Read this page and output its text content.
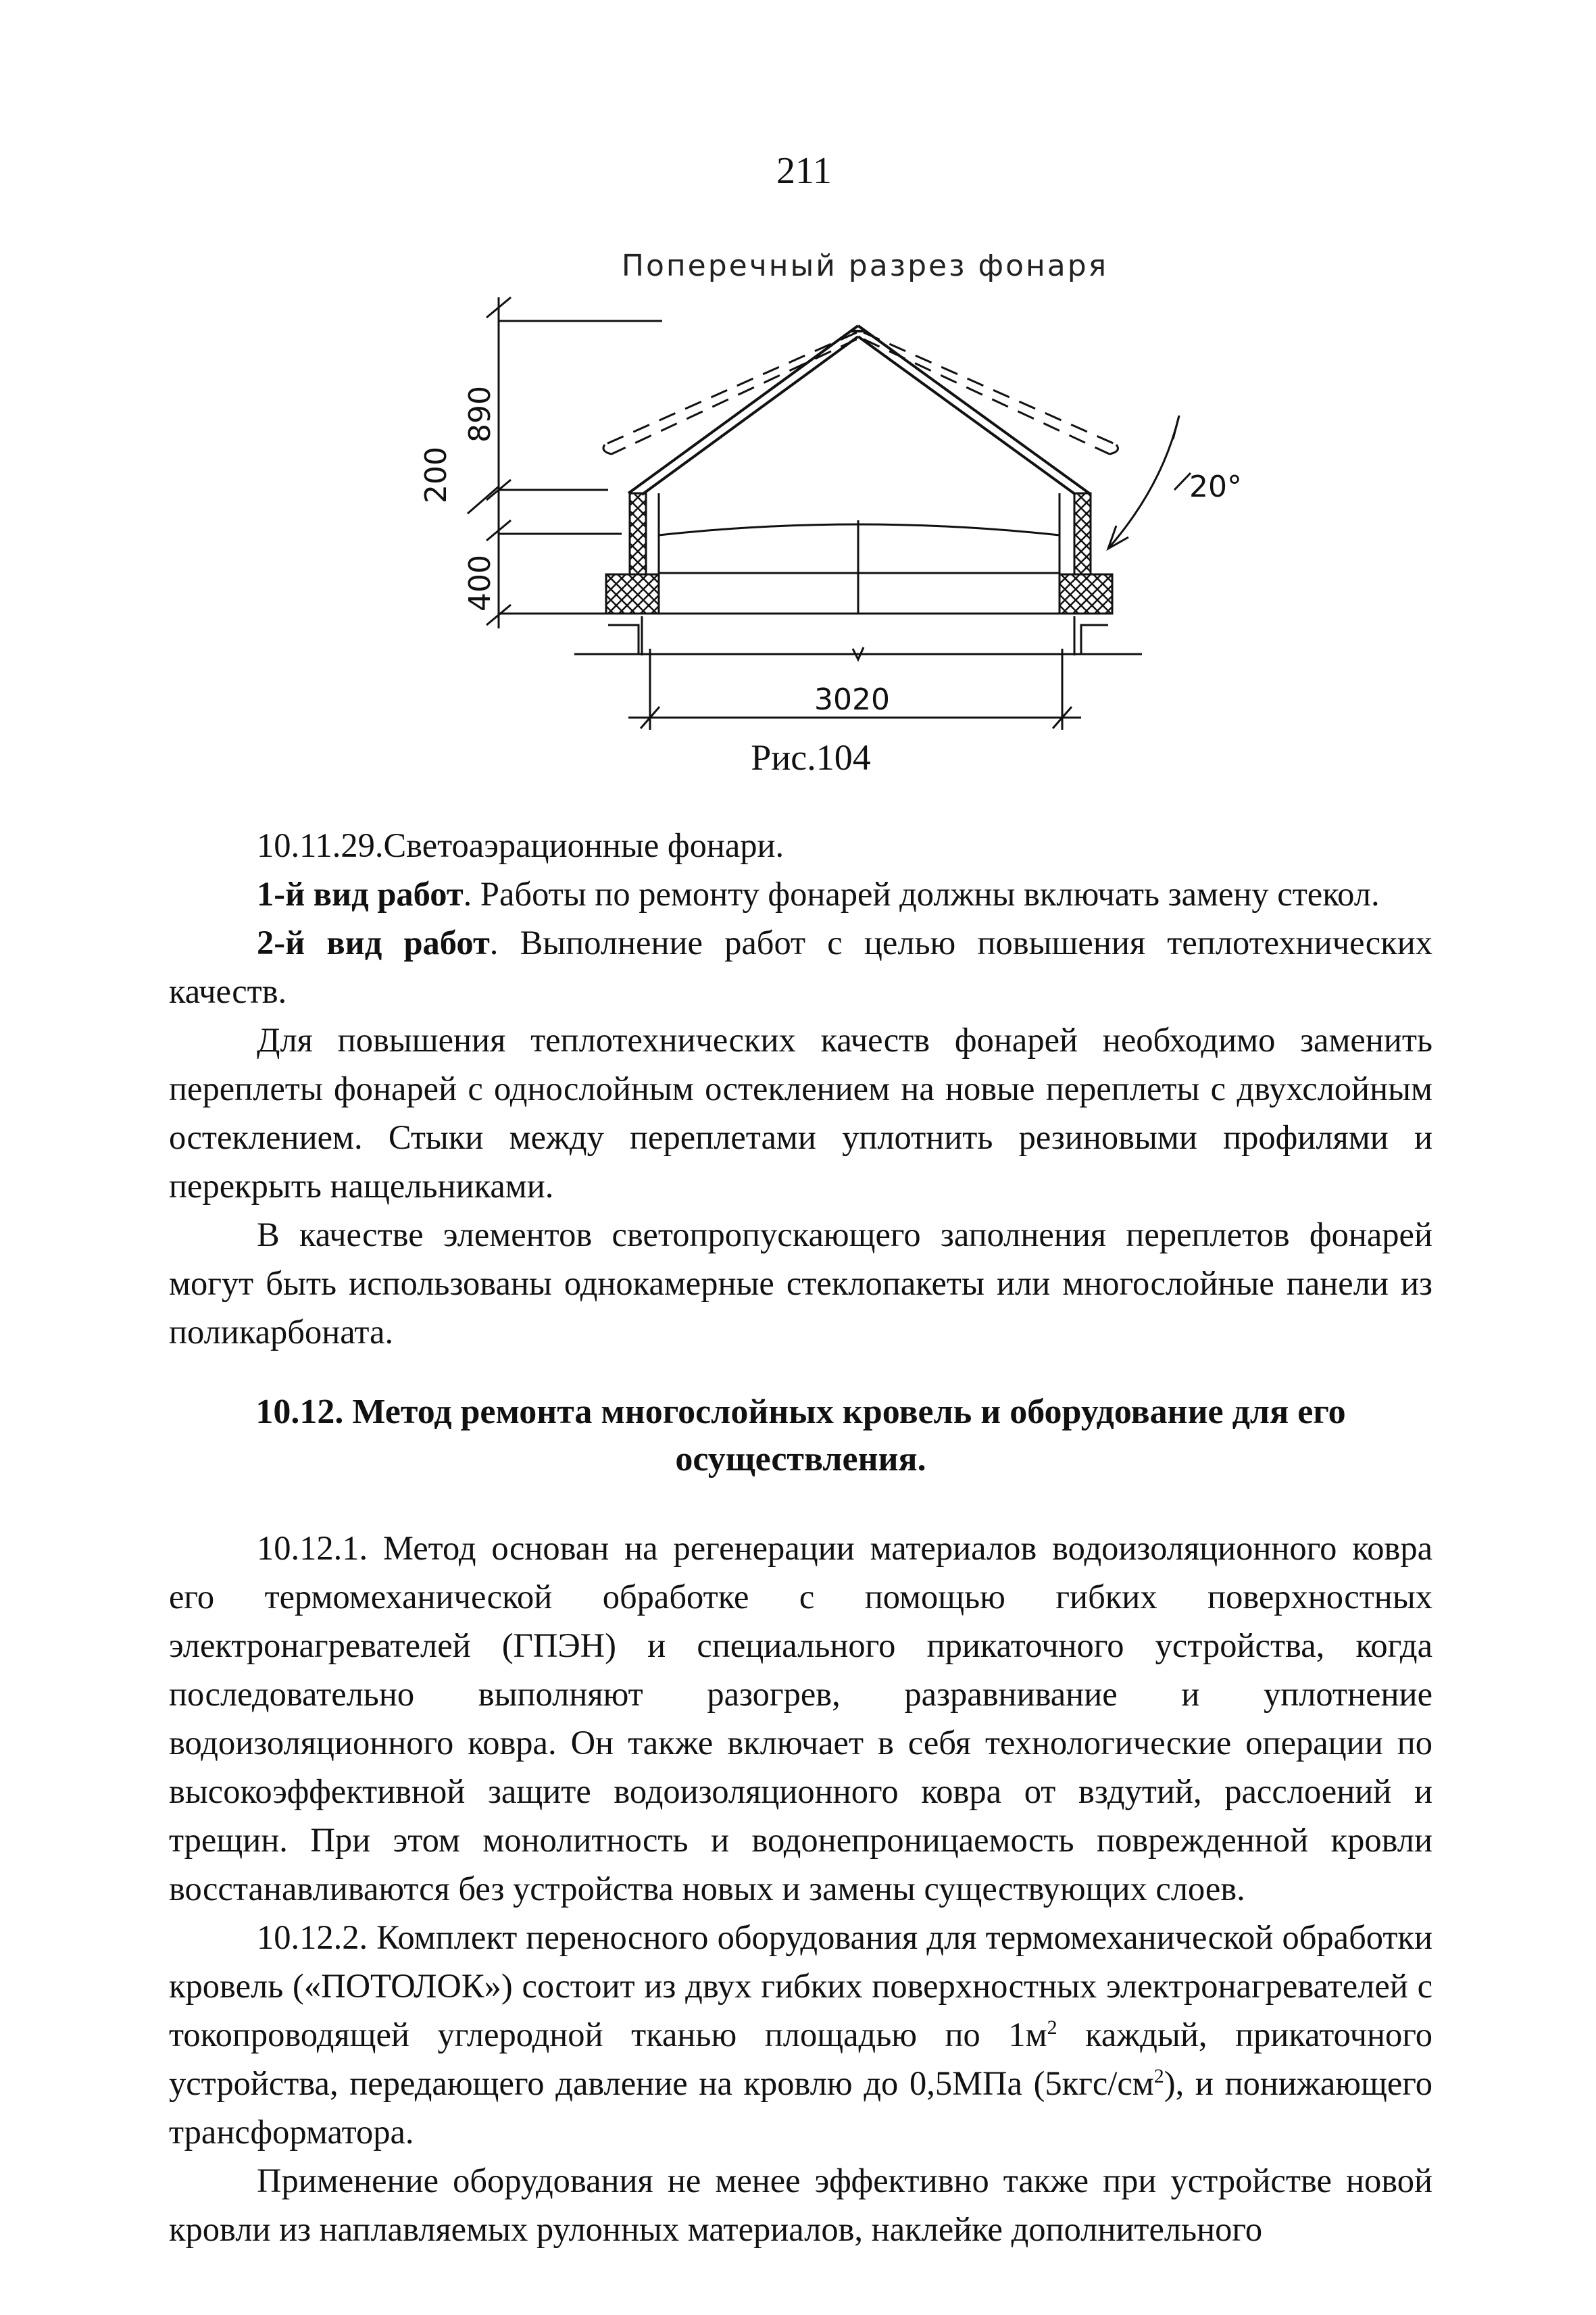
211
Поперечный разрез фонаря
3020
890
200
400
20°
Рис.104

10.11.29.Светоаэрационные фонари.

1-й вид работ. Работы по ремонту фонарей должны включать замену стекол.

2-й вид работ. Выполнение работ с целью повышения теплотехнических качеств.

Для повышения теплотехнических качеств фонарей необходимо заменить переплеты фонарей с однослойным остеклением на новые переплеты с двухслойным остеклением. Стыки между переплетами уплотнить резиновыми профилями и перекрыть нащельниками.

В качестве элементов светопропускающего заполнения переплетов фонарей могут быть использованы однокамерные стеклопакеты или многослойные панели из поликарбоната.

10.12. Метод ремонта многослойных кровель и оборудование для его осуществления.

10.12.1. Метод основан на регенерации материалов водоизоляционного ковра его термомеханической обработке с помощью гибких поверхностных электронагревателей (ГПЭН) и специального прикаточного устройства, когда последовательно выполняют разогрев, разравнивание и уплотнение водоизоляционного ковра. Он также включает в себя технологические операции по высокоэффективной защите водоизоляционного ковра от вздутий, расслоений и трещин. При этом монолитность и водонепроницаемость поврежденной кровли восстанавливаются без устройства новых и замены существующих слоев.

10.12.2. Комплект переносного оборудования для термомеханической обработки кровель («ПОТОЛОК») состоит из двух гибких поверхностных электронагревателей с токопроводящей углеродной тканью площадью по $1м^2$ каждый, прикаточного устройства, передающего давление на кровлю до 0,5МПа $(5кгс/см^2)$, и понижающего трансформатора.

Применение оборудования не менее эффективно также при устройстве новой кровли из наплавляемых рулонных материалов, наклейке дополнительного
